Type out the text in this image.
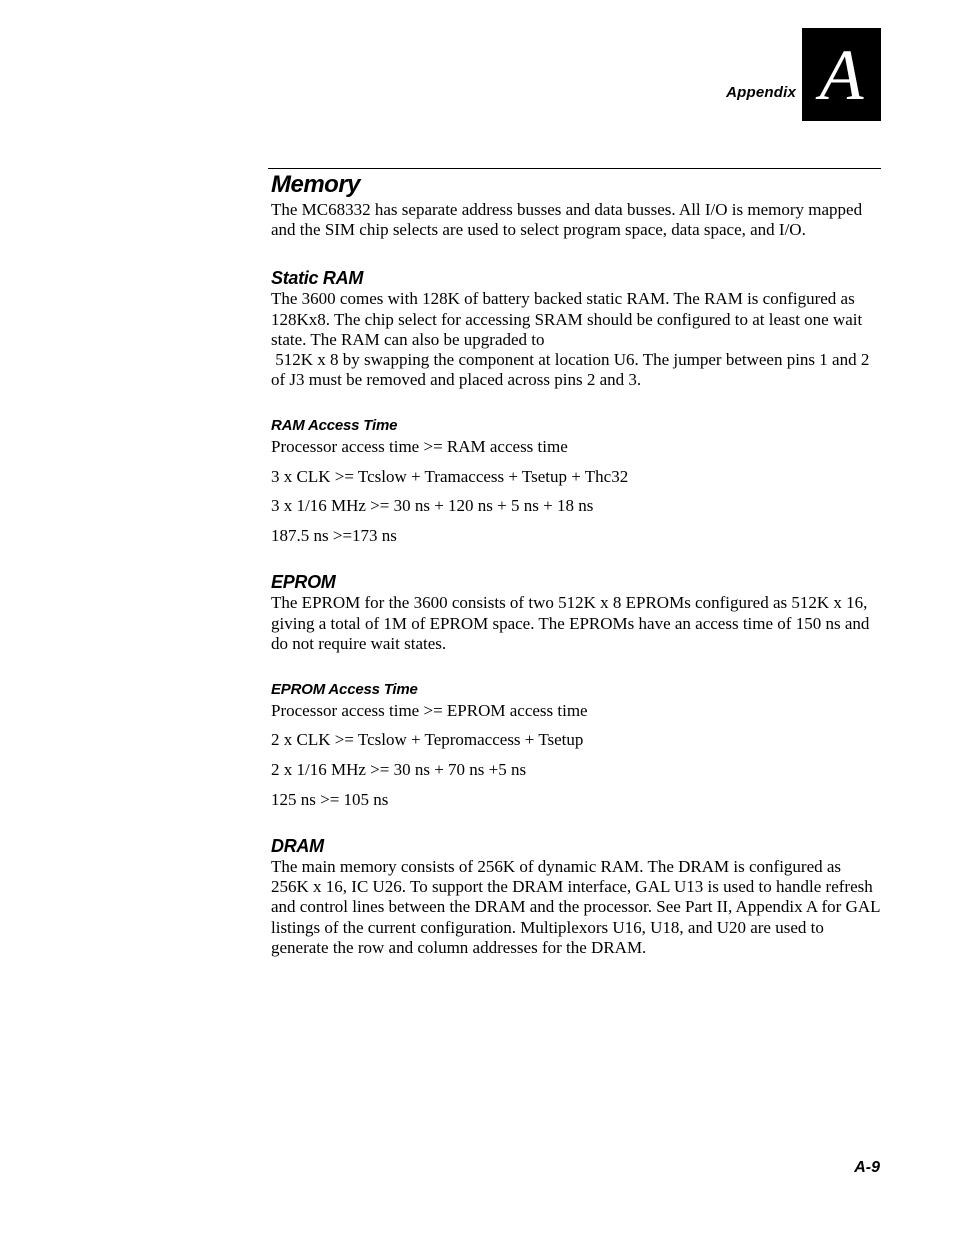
Appendix A
Memory

The MC68332 has separate address busses and data busses. All I/O is memory mapped and the SIM chip selects are used to select program space, data space, and I/O.

Static RAM

The 3600 comes with 128K of battery backed static RAM. The RAM is configured as 128Kx8. The chip select for accessing SRAM should be configured to at least one wait state. The RAM can also be upgraded to
512K x 8 by swapping the component at location U6. The jumper between pins 1 and 2 of J3 must be removed and placed across pins 2 and 3.

RAM Access Time
Processor access time >= RAM access time
3 x CLK >= Tcslow + Tramaccess + Tsetup + Thc32
3 x 1/16 MHz >= 30 ns + 120 ns + 5 ns + 18 ns
187.5 ns >=173 ns
EPROM

The EPROM for the 3600 consists of two 512K x 8 EPROMs configured as 512K x 16, giving a total of 1M of EPROM space. The EPROMs have an access time of 150 ns and do not require wait states.

EPROM Access Time
Processor access time >= EPROM access time
2 x CLK >= Tcslow + Tepromaccess + Tsetup
2 x 1/16 MHz >= 30 ns + 70 ns +5 ns
125 ns >= 105 ns
DRAM

The main memory consists of 256K of dynamic RAM. The DRAM is configured as 256K x 16, IC U26. To support the DRAM interface, GAL U13 is used to handle refresh and control lines between the DRAM and the processor. See Part II, Appendix A for GAL listings of the current configuration. Multiplexors U16, U18, and U20 are used to generate the row and column addresses for the DRAM.

A-9
